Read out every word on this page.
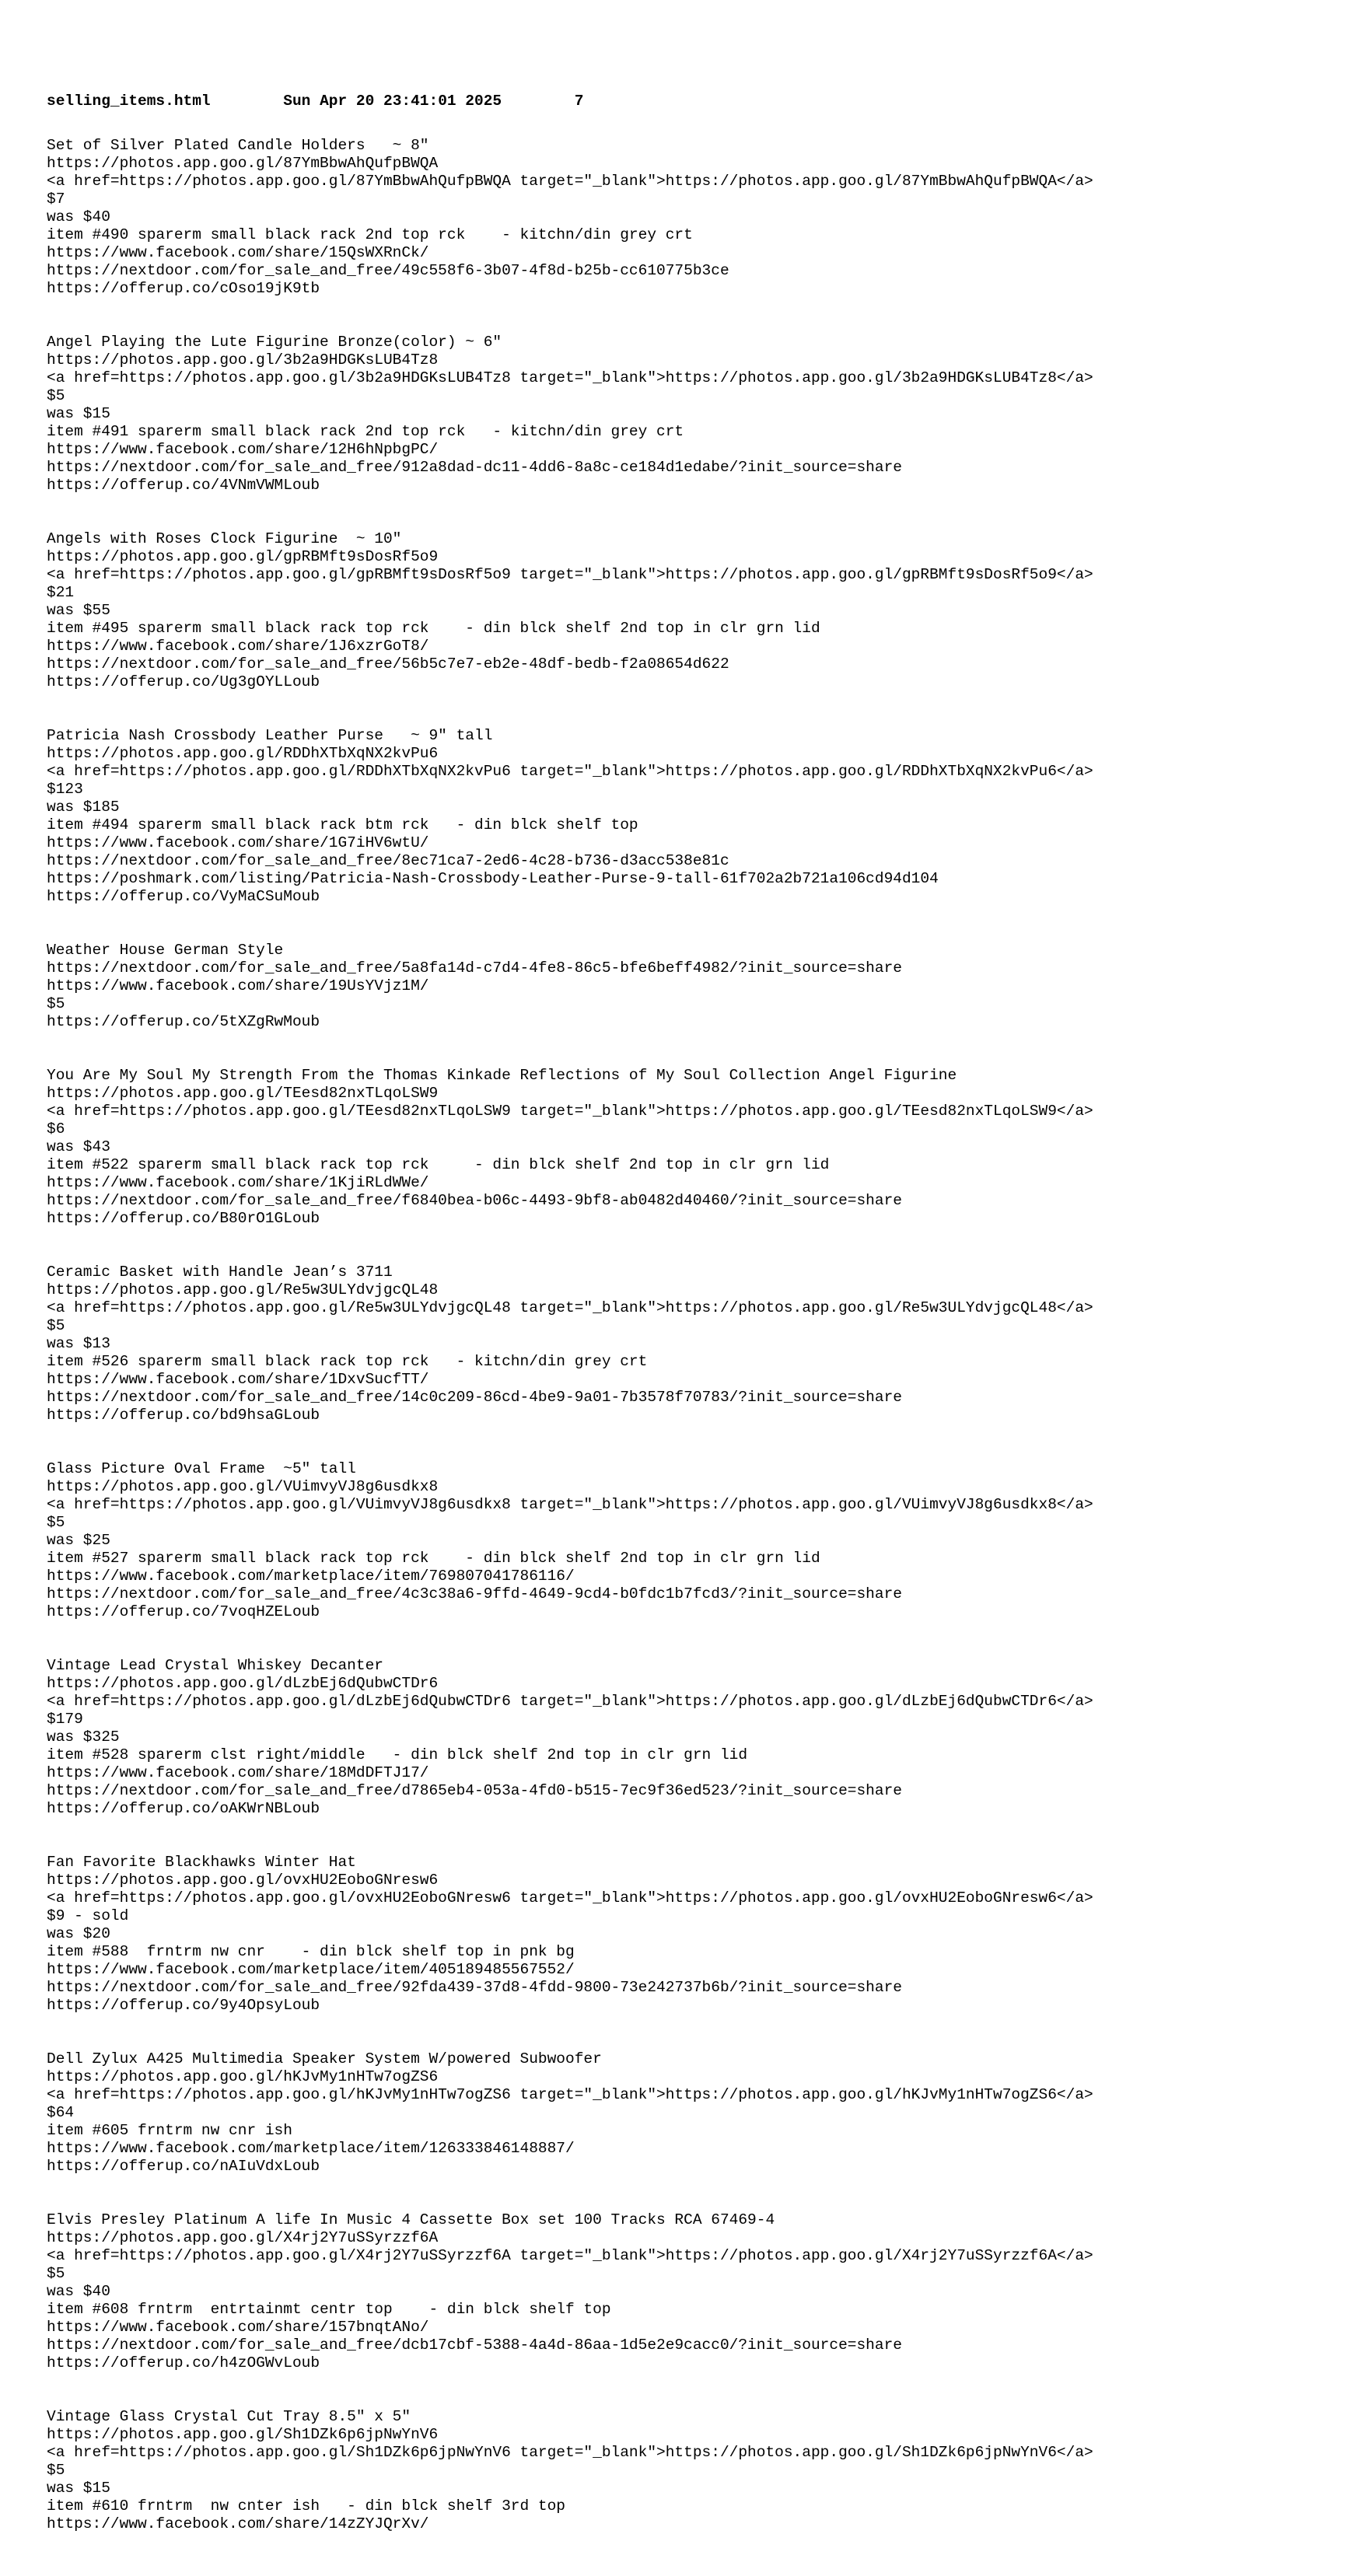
selling_items.html	Sun Apr 20 23:41:01 2025	7
Set of Silver Plated Candle Holders   ~ 8"
https://photos.app.goo.gl/87YmBbwAhQufpBWQA
<a href=https://photos.app.goo.gl/87YmBbwAhQufpBWQA target="_blank">https://photos.app.goo.gl/87YmBbwAhQufpBWQA</a>
$7
was $40
item #490 sparerm small black rack 2nd top rck    - kitchn/din grey crt
https://www.facebook.com/share/15QsWXRnCk/
https://nextdoor.com/for_sale_and_free/49c558f6-3b07-4f8d-b25b-cc610775b3ce
https://offerup.co/cOso19jK9tb
Angel Playing the Lute Figurine Bronze(color) ~ 6"
https://photos.app.goo.gl/3b2a9HDGKsLUB4Tz8
<a href=https://photos.app.goo.gl/3b2a9HDGKsLUB4Tz8 target="_blank">https://photos.app.goo.gl/3b2a9HDGKsLUB4Tz8</a>
$5
was $15
item #491 sparerm small black rack 2nd top rck   - kitchn/din grey crt
https://www.facebook.com/share/12H6hNpbgPC/
https://nextdoor.com/for_sale_and_free/912a8dad-dc11-4dd6-8a8c-ce184d1edabe/?init_source=share
https://offerup.co/4VNmVWMLoub
Angels with Roses Clock Figurine  ~ 10"
https://photos.app.goo.gl/gpRBMft9sDosRf5o9
<a href=https://photos.app.goo.gl/gpRBMft9sDosRf5o9 target="_blank">https://photos.app.goo.gl/gpRBMft9sDosRf5o9</a>
$21
was $55
item #495 sparerm small black rack top rck    - din blck shelf 2nd top in clr grn lid
https://www.facebook.com/share/1J6xzrGoT8/
https://nextdoor.com/for_sale_and_free/56b5c7e7-eb2e-48df-bedb-f2a08654d622
https://offerup.co/Ug3gOYLLoub
Patricia Nash Crossbody Leather Purse   ~ 9" tall
https://photos.app.goo.gl/RDDhXTbXqNX2kvPu6
<a href=https://photos.app.goo.gl/RDDhXTbXqNX2kvPu6 target="_blank">https://photos.app.goo.gl/RDDhXTbXqNX2kvPu6</a>
$123
was $185
item #494 sparerm small black rack btm rck   - din blck shelf top
https://www.facebook.com/share/1G7iHV6wtU/
https://nextdoor.com/for_sale_and_free/8ec71ca7-2ed6-4c28-b736-d3acc538e81c
https://poshmark.com/listing/Patricia-Nash-Crossbody-Leather-Purse-9-tall-61f702a2b721a106cd94d104
https://offerup.co/VyMaCSuMoub
Weather House German Style
https://nextdoor.com/for_sale_and_free/5a8fa14d-c7d4-4fe8-86c5-bfe6beff4982/?init_source=share
https://www.facebook.com/share/19UsYVjz1M/
$5
https://offerup.co/5tXZgRwMoub
You Are My Soul My Strength From the Thomas Kinkade Reflections of My Soul Collection Angel Figurine
https://photos.app.goo.gl/TEesd82nxTLqoLSW9
<a href=https://photos.app.goo.gl/TEesd82nxTLqoLSW9 target="_blank">https://photos.app.goo.gl/TEesd82nxTLqoLSW9</a>
$6
was $43
item #522 sparerm small black rack top rck     - din blck shelf 2nd top in clr grn lid
https://www.facebook.com/share/1KjiRLdWWe/
https://nextdoor.com/for_sale_and_free/f6840bea-b06c-4493-9bf8-ab0482d40460/?init_source=share
https://offerup.co/B80rO1GLoub
Ceramic Basket with Handle Jean’s 3711
https://photos.app.goo.gl/Re5w3ULYdvjgcQL48
<a href=https://photos.app.goo.gl/Re5w3ULYdvjgcQL48 target="_blank">https://photos.app.goo.gl/Re5w3ULYdvjgcQL48</a>
$5
was $13
item #526 sparerm small black rack top rck   - kitchn/din grey crt
https://www.facebook.com/share/1DxvSucfTT/
https://nextdoor.com/for_sale_and_free/14c0c209-86cd-4be9-9a01-7b3578f70783/?init_source=share
https://offerup.co/bd9hsaGLoub
Glass Picture Oval Frame  ~5" tall
https://photos.app.goo.gl/VUimvyVJ8g6usdkx8
<a href=https://photos.app.goo.gl/VUimvyVJ8g6usdkx8 target="_blank">https://photos.app.goo.gl/VUimvyVJ8g6usdkx8</a>
$5
was $25
item #527 sparerm small black rack top rck    - din blck shelf 2nd top in clr grn lid
https://www.facebook.com/marketplace/item/769807041786116/
https://nextdoor.com/for_sale_and_free/4c3c38a6-9ffd-4649-9cd4-b0fdc1b7fcd3/?init_source=share
https://offerup.co/7voqHZELoub
Vintage Lead Crystal Whiskey Decanter
https://photos.app.goo.gl/dLzbEj6dQubwCTDr6
<a href=https://photos.app.goo.gl/dLzbEj6dQubwCTDr6 target="_blank">https://photos.app.goo.gl/dLzbEj6dQubwCTDr6</a>
$179
was $325
item #528 sparerm clst right/middle   - din blck shelf 2nd top in clr grn lid
https://www.facebook.com/share/18MdDFTJ17/
https://nextdoor.com/for_sale_and_free/d7865eb4-053a-4fd0-b515-7ec9f36ed523/?init_source=share
https://offerup.co/oAKWrNBLoub
Fan Favorite Blackhawks Winter Hat
https://photos.app.goo.gl/ovxHU2EoboGNresw6
<a href=https://photos.app.goo.gl/ovxHU2EoboGNresw6 target="_blank">https://photos.app.goo.gl/ovxHU2EoboGNresw6</a>
$9 - sold
was $20
item #588  frntrm nw cnr    - din blck shelf top in pnk bg
https://www.facebook.com/marketplace/item/405189485567552/
https://nextdoor.com/for_sale_and_free/92fda439-37d8-4fdd-9800-73e242737b6b/?init_source=share
https://offerup.co/9y4OpsyLoub
Dell Zylux A425 Multimedia Speaker System W/powered Subwoofer
https://photos.app.goo.gl/hKJvMy1nHTw7ogZS6
<a href=https://photos.app.goo.gl/hKJvMy1nHTw7ogZS6 target="_blank">https://photos.app.goo.gl/hKJvMy1nHTw7ogZS6</a>
$64
item #605 frntrm nw cnr ish
https://www.facebook.com/marketplace/item/126333846148887/
https://offerup.co/nAIuVdxLoub
Elvis Presley Platinum A life In Music 4 Cassette Box set 100 Tracks RCA 67469-4
https://photos.app.goo.gl/X4rj2Y7uSSyrzzf6A
<a href=https://photos.app.goo.gl/X4rj2Y7uSSyrzzf6A target="_blank">https://photos.app.goo.gl/X4rj2Y7uSSyrzzf6A</a>
$5
was $40
item #608 frntrm  entrtainmt centr top    - din blck shelf top
https://www.facebook.com/share/157bnqtANo/
https://nextdoor.com/for_sale_and_free/dcb17cbf-5388-4a4d-86aa-1d5e2e9cacc0/?init_source=share
https://offerup.co/h4zOGWvLoub
Vintage Glass Crystal Cut Tray 8.5" x 5"
https://photos.app.goo.gl/Sh1DZk6p6jpNwYnV6
<a href=https://photos.app.goo.gl/Sh1DZk6p6jpNwYnV6 target="_blank">https://photos.app.goo.gl/Sh1DZk6p6jpNwYnV6</a>
$5
was $15
item #610 frntrm  nw cnter ish   - din blck shelf 3rd top
https://www.facebook.com/share/14zZYJQrXv/
